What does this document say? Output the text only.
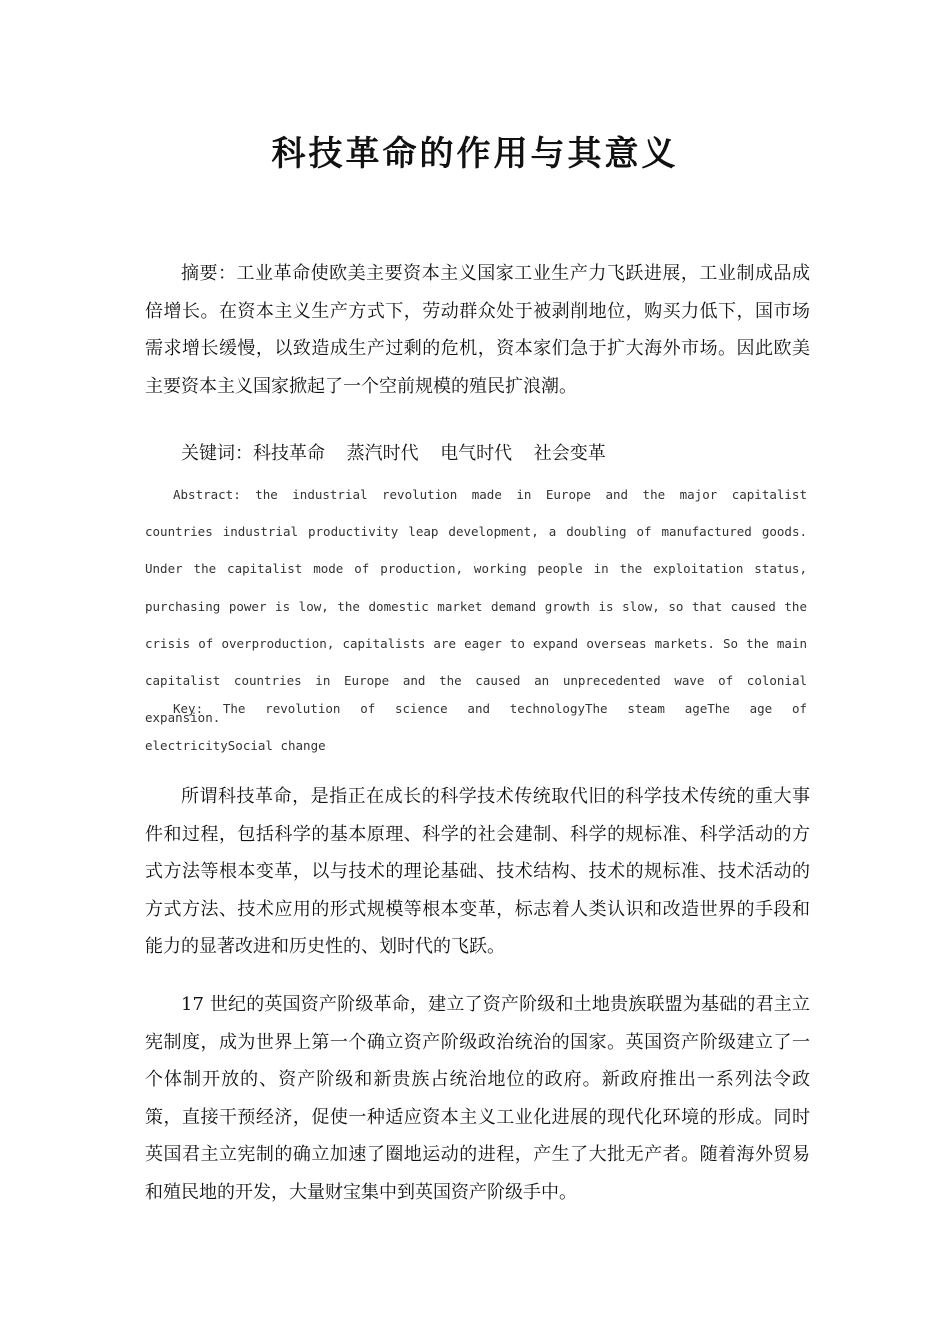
科技革命的作用与其意义

摘要：工业革命使欧美主要资本主义国家工业生产力飞跃进展，工业制成品成倍增长。在资本主义生产方式下，劳动群众处于被剥削地位，购买力低下，国市场需求增长缓慢，以致造成生产过剩的危机，资本家们急于扩大海外市场。因此欧美主要资本主义国家掀起了一个空前规模的殖民扩浪潮。

关键词：科技革命 蒸汽时代 电气时代 社会变革

Abstract: the industrial revolution made in Europe and the major capitalist countries industrial productivity leap development, a doubling of manufactured goods. Under the capitalist mode of production, working people in the exploitation status, purchasing power is low, the domestic market demand growth is slow, so that caused the crisis of overproduction, capitalists are eager to expand overseas markets. So the main capitalist countries in Europe and the caused an unprecedented wave of colonial expansion.

Key: The revolution of science and technologyThe steam ageThe age of electricitySocial change

所谓科技革命，是指正在成长的科学技术传统取代旧的科学技术传统的重大事件和过程，包括科学的基本原理、科学的社会建制、科学的规标准、科学活动的方式方法等根本变革，以与技术的理论基础、技术结构、技术的规标准、技术活动的方式方法、技术应用的形式规模等根本变革，标志着人类认识和改造世界的手段和能力的显著改进和历史性的、划时代的飞跃。

17 世纪的英国资产阶级革命，建立了资产阶级和土地贵族联盟为基础的君主立宪制度，成为世界上第一个确立资产阶级政治统治的国家。英国资产阶级建立了一个体制开放的、资产阶级和新贵族占统治地位的政府。新政府推出一系列法令政策，直接干预经济，促使一种适应资本主义工业化进展的现代化环境的形成。同时英国君主立宪制的确立加速了圈地运动的进程，产生了大批无产者。随着海外贸易和殖民地的开发，大量财宝集中到英国资产阶级手中。
